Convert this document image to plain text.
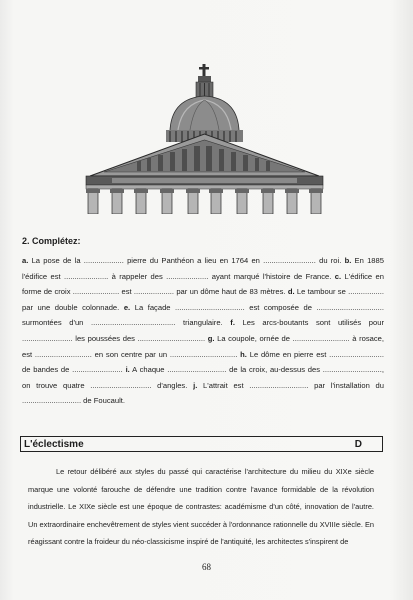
2. Complétez:

a. La pose de la ................... pierre du Panthéon a lieu en 1764 en ......................... du roi. b. En 1885 l'édifice est ..................... à rappeler des .................... ayant marqué l'histoire de France. c. L'édifice en forme de croix ...................... est ................... par un dôme haut de 83 mètres. d. Le tambour se ................. par une double colonnade. e. La façade ................................. est composée de ................................ surmontées d'un ........................................ triangulaire. f. Les arcs-boutants sont utilisés pour ........................ les poussées des ................................ g. La coupole, ornée de ........................... à rosace, est ........................... en son centre par un ................................ h. Le dôme en pierre est .......................... de bandes de ........................ i. A chaque ............................ de la croix, au-dessus des ............................, on trouve quatre ............................. d'angles. j. L'attrait est ............................ par l'installation du ............................ de Foucault.

L'éclectisme	D

Le retour délibéré aux styles du passé qui caractérise l'architecture du milieu du XIXe siècle marque une volonté farouche de défendre une tradition contre l'avance formidable de la révolution industrielle. Le XIXe siècle est une époque de contrastes: académisme d'un côté, innovation de l'autre. Un extraordinaire enchevêtrement de styles vient succéder à l'ordonnance rationnelle du XVIIIe siècle. En réagissant contre la froideur du néo-classicisme inspiré de l'antiquité, les architectes s'inspirent de

68
